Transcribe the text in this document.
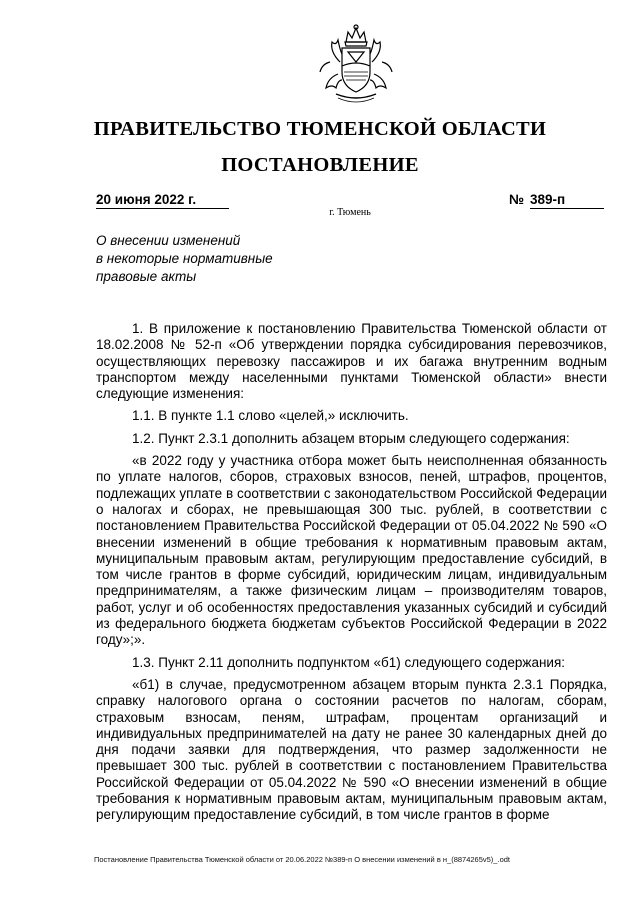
ПРАВИТЕЛЬСТВО ТЮМЕНСКОЙ ОБЛАСТИ
ПОСТАНОВЛЕНИЕ
20 июня 2022 г.	№ 389-п
г. Тюмень
О внесении изменений
в некоторые нормативные
правовые акты

1. В приложение к постановлению Правительства Тюменской области от 18.02.2008 № 52-п «Об утверждении порядка субсидирования перевозчиков, осуществляющих перевозку пассажиров и их багажа внутренним водным транспортом между населенными пунктами Тюменской области» внести следующие изменения:

1.1. В пункте 1.1 слово «целей,» исключить.

1.2. Пункт 2.3.1 дополнить абзацем вторым следующего содержания:

«в 2022 году у участника отбора может быть неисполненная обязанность по уплате налогов, сборов, страховых взносов, пеней, штрафов, процентов, подлежащих уплате в соответствии с законодательством Российской Федерации о налогах и сборах, не превышающая 300 тыс. рублей, в соответствии с постановлением Правительства Российской Федерации от 05.04.2022 № 590 «О внесении изменений в общие требования к нормативным правовым актам, муниципальным правовым актам, регулирующим предоставление субсидий, в том числе грантов в форме субсидий, юридическим лицам, индивидуальным предпринимателям, а также физическим лицам – производителям товаров, работ, услуг и об особенностях предоставления указанных субсидий и субсидий из федерального бюджета бюджетам субъектов Российской Федерации в 2022 году»;».

1.3. Пункт 2.11 дополнить подпунктом «б1) следующего содержания:

«б1) в случае, предусмотренном абзацем вторым пункта 2.3.1 Порядка, справку налогового органа о состоянии расчетов по налогам, сборам, страховым взносам, пеням, штрафам, процентам организаций и индивидуальных предпринимателей на дату не ранее 30 календарных дней до дня подачи заявки для подтверждения, что размер задолженности не превышает 300 тыс. рублей в соответствии с постановлением Правительства Российской Федерации от 05.04.2022 № 590 «О внесении изменений в общие требования к нормативным правовым актам, муниципальным правовым актам, регулирующим предоставление субсидий, в том числе грантов в форме

Постановление Правительства Тюменской области от 20.06.2022 №389-п О внесении изменений в н_(8874265v5)_.odt
